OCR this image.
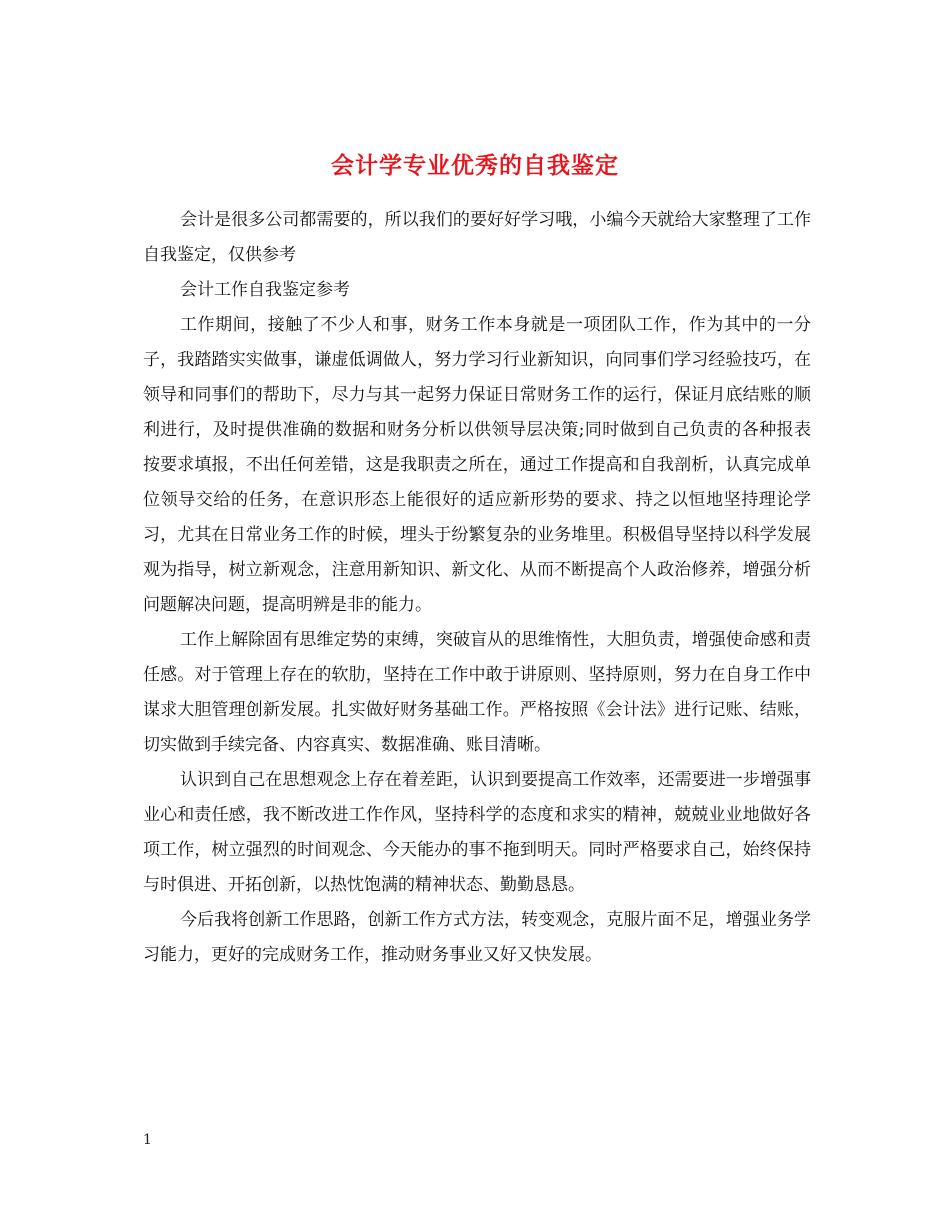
会计学专业优秀的自我鉴定

会计是很多公司都需要的，所以我们的要好好学习哦，小编今天就给大家整理了工作自我鉴定，仅供参考

会计工作自我鉴定参考

工作期间，接触了不少人和事，财务工作本身就是一项团队工作，作为其中的一分子，我踏踏实实做事，谦虚低调做人，努力学习行业新知识，向同事们学习经验技巧，在领导和同事们的帮助下，尽力与其一起努力保证日常财务工作的运行，保证月底结账的顺利进行，及时提供准确的数据和财务分析以供领导层决策;同时做到自己负责的各种报表按要求填报，不出任何差错，这是我职责之所在，通过工作提高和自我剖析，认真完成单位领导交给的任务，在意识形态上能很好的适应新形势的要求、持之以恒地坚持理论学习，尤其在日常业务工作的时候，埋头于纷繁复杂的业务堆里。积极倡导坚持以科学发展观为指导，树立新观念，注意用新知识、新文化、从而不断提高个人政治修养，增强分析问题解决问题，提高明辨是非的能力。

工作上解除固有思维定势的束缚，突破盲从的思维惰性，大胆负责，增强使命感和责任感。对于管理上存在的软肋，坚持在工作中敢于讲原则、坚持原则，努力在自身工作中谋求大胆管理创新发展。扎实做好财务基础工作。严格按照《会计法》进行记账、结账，切实做到手续完备、内容真实、数据准确、账目清晰。

认识到自己在思想观念上存在着差距，认识到要提高工作效率，还需要进一步增强事业心和责任感，我不断改进工作作风，坚持科学的态度和求实的精神，兢兢业业地做好各项工作，树立强烈的时间观念、今天能办的事不拖到明天。同时严格要求自己，始终保持与时俱进、开拓创新，以热忱饱满的精神状态、勤勤恳恳。

今后我将创新工作思路，创新工作方式方法，转变观念，克服片面不足，增强业务学习能力，更好的完成财务工作，推动财务事业又好又快发展。

1
